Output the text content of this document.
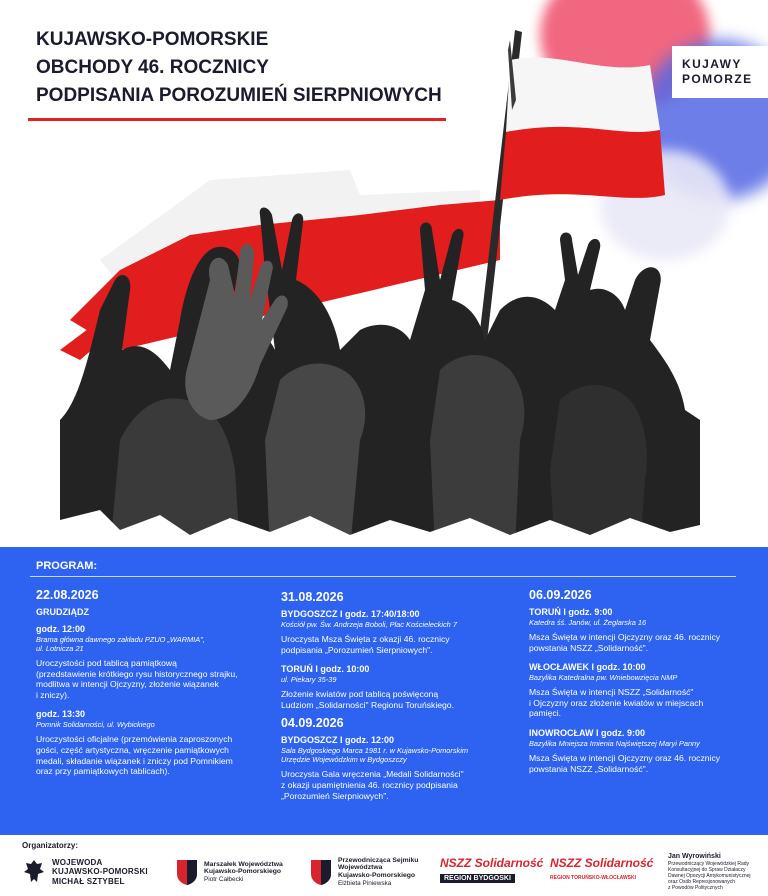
KUJAWSKO-POMORSKIE
OBCHODY 46. ROCZNICY
PODPISANIA POROZUMIEŃ SIERPNIOWYCH
KUJAWY
POMORZE
PROGRAM:
22.08.2026
GRUDZIĄDZ
godz. 12:00
Brama główna dawnego zakładu PZUO „WARMIA",
ul. Lotnicza 21
Uroczystości pod tablicą pamiątkową
(przedstawienie krótkiego rysu historycznego strajku,
modlitwa w intencji Ojczyzny, złożenie wiązanek
i zniczy).
godz. 13:30
Pomnik Solidarności, ul. Wybickiego
Uroczystości oficjalne (przemówienia zaproszonych
gości, część artystyczna, wręczenie pamiątkowych
medali, składanie wiązanek i zniczy pod Pomnikiem
oraz przy pamiątkowych tablicach).
31.08.2026
BYDGOSZCZ I godz. 17:40/18:00
Kościół pw. Św. Andrzeja Boboli, Plac Kościeleckich 7
Uroczysta Msza Święta z okazji 46. rocznicy
podpisania „Porozumień Sierpniowych".
TORUŃ I godz. 10:00
ul. Piekary 35-39
Złożenie kwiatów pod tablicą poświęconą
Ludziom „Solidarności" Regionu Toruńskiego.
04.09.2026
BYDGOSZCZ I godz. 12:00
Sala Bydgoskiego Marca 1981 r. w Kujawsko-Pomorskim
Urzędzie Wojewódzkim w Bydgoszczy
Uroczysta Gala wręczenia „Medali Solidarności"
z okazji upamiętnienia 46. rocznicy podpisania
„Porozumień Sierpniowych".
06.09.2026
TORUŃ I godz. 9:00
Katedra śś. Janów, ul. Żeglarska 16
Msza Święta w intencji Ojczyzny oraz 46. rocznicy
powstania NSZZ „Solidarność".
WŁOCŁAWEK I godz. 10:00
Bazylika Katedralna pw. Wniebowzięcia NMP
Msza Święta w intencji NSZZ „Solidarność"
i Ojczyzny oraz złożenie kwiatów w miejscach
pamięci.
INOWROCŁAW I godz. 9:00
Bazylika Mniejsza Imienia Najświętszej Maryi Panny
Msza Święta w intencji Ojczyzny oraz 46. rocznicy
powstania NSZZ „Solidarność".
Organizatorzy:
WOJEWODA
KUJAWSKO-POMORSKI
MICHAŁ SZTYBEL
Marszałek Województwa
Kujawsko-Pomorskiego
Piotr Całbecki
Przewodnicząca Sejmiku
Województwa
Kujawsko-Pomorskiego
Elżbieta Piniewska
NSZZ Solidarność
REGION BYDGOSKI
NSZZ Solidarność
REGION TORUŃSKO-WŁOCŁAWSKI
Jan Wyrowiński
Przewodniczący Wojewódzkiej Rady
Konsultacyjnej do Spraw Działaczy
Dawnej Opozycji Antykomunistycznej
oraz Osób Represjonowanych
z Powodów Politycznych
